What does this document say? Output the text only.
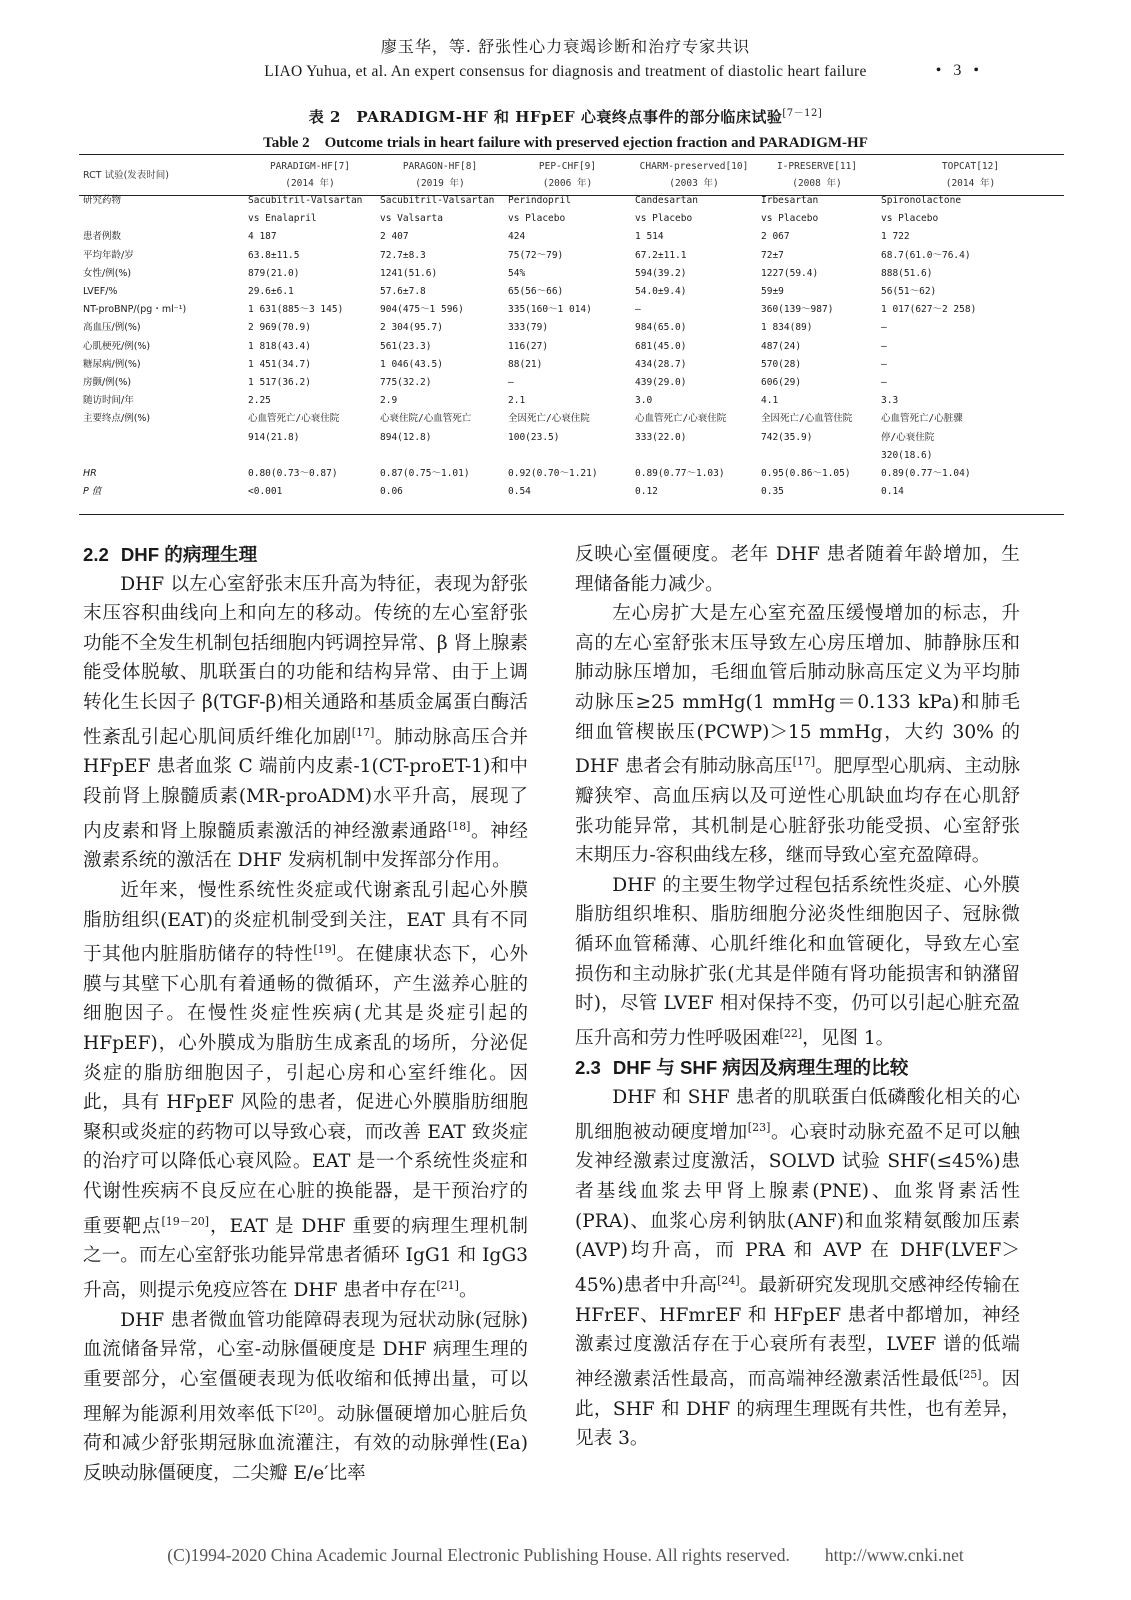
廖玉华，等. 舒张性心力衰竭诊断和治疗专家共识
LIAO Yuhua, et al. An expert consensus for diagnosis and treatment of diastolic heart failure	• 3 •
表 2　PARADIGM-HF 和 HFpEF 心衰终点事件的部分临床试验[7－12]
Table 2　Outcome trials in heart failure with preserved ejection fraction and PARADIGM-HF
RCT 试验(发表时间)	PARADIGM-HF[7]	PARAGON-HF[8]	PEP-CHF[9]	CHARM-preserved[10]	I-PRESERVE[11]	TOPCAT[12]
	(2014 年)	(2019 年)	(2006 年)	(2003 年)	(2008 年)	(2014 年)
研究药物	Sacubitril-Valsartan	Sacubitril-Valsartan	Perindopril	Candesartan	Irbesartan	Spironolactone
	vs Enalapril	vs Valsarta	vs Placebo	vs Placebo	vs Placebo	vs Placebo
患者例数	4 187	2 407	424	1 514	2 067	1 722
平均年龄/岁	63.8±11.5	72.7±8.3	75(72～79)	67.2±11.1	72±7	68.7(61.0～76.4)
女性/例(%)	879(21.0)	1241(51.6)	54%	594(39.2)	1227(59.4)	888(51.6)
LVEF/%	29.6±6.1	57.6±7.8	65(56～66)	54.0±9.4)	59±9	56(51～62)
NT-proBNP/(pg・ml⁻¹)	1 631(885～3 145)	904(475～1 596)	335(160～1 014)	—	360(139～987)	1 017(627～2 258)
高血压/例(%)	2 969(70.9)	2 304(95.7)	333(79)	984(65.0)	1 834(89)	—
心肌梗死/例(%)	1 818(43.4)	561(23.3)	116(27)	681(45.0)	487(24)	—
糖尿病/例(%)	1 451(34.7)	1 046(43.5)	88(21)	434(28.7)	570(28)	—
房颤/例(%)	1 517(36.2)	775(32.2)	—	439(29.0)	606(29)	—
随访时间/年	2.25	2.9	2.1	3.0	4.1	3.3
主要终点/例(%)	心血管死亡/心衰住院	心衰住院/心血管死亡	全因死亡/心衰住院	心血管死亡/心衰住院	全因死亡/心血管住院	心血管死亡/心脏骤
	914(21.8)	894(12.8)	100(23.5)	333(22.0)	742(35.9)	停/心衰住院
						320(18.6)

HR	0.80(0.73～0.87)	0.87(0.75～1.01)	0.92(0.70～1.21)	0.89(0.77～1.03)	0.95(0.86～1.05)	0.89(0.77～1.04)
P 值	<0.001	0.06	0.54	0.12	0.35	0.14
2.2 DHF 的病理生理

DHF 以左心室舒张末压升高为特征，表现为舒张末压容积曲线向上和向左的移动。传统的左心室舒张功能不全发生机制包括细胞内钙调控异常、β 肾上腺素能受体脱敏、肌联蛋白的功能和结构异常、由于上调转化生长因子 β(TGF-β)相关通路和基质金属蛋白酶活性紊乱引起心肌间质纤维化加剧[17]。肺动脉高压合并 HFpEF 患者血浆 C 端前内皮素-1(CT-proET-1)和中段前肾上腺髓质素(MR-proADM)水平升高，展现了内皮素和肾上腺髓质素激活的神经激素通路[18]。神经激素系统的激活在 DHF 发病机制中发挥部分作用。

近年来，慢性系统性炎症或代谢紊乱引起心外膜脂肪组织(EAT)的炎症机制受到关注，EAT 具有不同于其他内脏脂肪储存的特性[19]。在健康状态下，心外膜与其壁下心肌有着通畅的微循环，产生滋养心脏的细胞因子。在慢性炎症性疾病(尤其是炎症引起的 HFpEF)，心外膜成为脂肪生成紊乱的场所，分泌促炎症的脂肪细胞因子，引起心房和心室纤维化。因此，具有 HFpEF 风险的患者，促进心外膜脂肪细胞聚积或炎症的药物可以导致心衰，而改善 EAT 致炎症的治疗可以降低心衰风险。EAT 是一个系统性炎症和代谢性疾病不良反应在心脏的换能器，是干预治疗的重要靶点[19－20]，EAT 是 DHF 重要的病理生理机制之一。而左心室舒张功能异常患者循环 IgG1 和 IgG3 升高，则提示免疫应答在 DHF 患者中存在[21]。

DHF 患者微血管功能障碍表现为冠状动脉(冠脉)血流储备异常，心室-动脉僵硬度是 DHF 病理生理的重要部分，心室僵硬表现为低收缩和低搏出量，可以理解为能源利用效率低下[20]。动脉僵硬增加心脏后负荷和减少舒张期冠脉血流灌注，有效的动脉弹性(Ea)反映动脉僵硬度，二尖瓣 E/e′比率

反映心室僵硬度。老年 DHF 患者随着年龄增加，生理储备能力减少。

左心房扩大是左心室充盈压缓慢增加的标志，升高的左心室舒张末压导致左心房压增加、肺静脉压和肺动脉压增加，毛细血管后肺动脉高压定义为平均肺动脉压≥25 mmHg(1 mmHg＝0.133 kPa)和肺毛细血管楔嵌压(PCWP)＞15 mmHg，大约 30% 的 DHF 患者会有肺动脉高压[17]。肥厚型心肌病、主动脉瓣狭窄、高血压病以及可逆性心肌缺血均存在心肌舒张功能异常，其机制是心脏舒张功能受损、心室舒张末期压力-容积曲线左移，继而导致心室充盈障碍。

DHF 的主要生物学过程包括系统性炎症、心外膜脂肪组织堆积、脂肪细胞分泌炎性细胞因子、冠脉微循环血管稀薄、心肌纤维化和血管硬化，导致左心室损伤和主动脉扩张(尤其是伴随有肾功能损害和钠潴留时)，尽管 LVEF 相对保持不变，仍可以引起心脏充盈压升高和劳力性呼吸困难[22]，见图 1。

2.3 DHF 与 SHF 病因及病理生理的比较

DHF 和 SHF 患者的肌联蛋白低磷酸化相关的心肌细胞被动硬度增加[23]。心衰时动脉充盈不足可以触发神经激素过度激活，SOLVD 试验 SHF(≤45%)患者基线血浆去甲肾上腺素(PNE)、血浆肾素活性(PRA)、血浆心房利钠肽(ANF)和血浆精氨酸加压素(AVP)均升高，而 PRA 和 AVP 在 DHF(LVEF＞45%)患者中升高[24]。最新研究发现肌交感神经传输在 HFrEF、HFmrEF 和 HFpEF 患者中都增加，神经激素过度激活存在于心衰所有表型，LVEF 谱的低端神经激素活性最高，而高端神经激素活性最低[25]。因此，SHF 和 DHF 的病理生理既有共性，也有差异，见表 3。

(C)1994-2020 China Academic Journal Electronic Publishing House. All rights reserved.　　http://www.cnki.net
